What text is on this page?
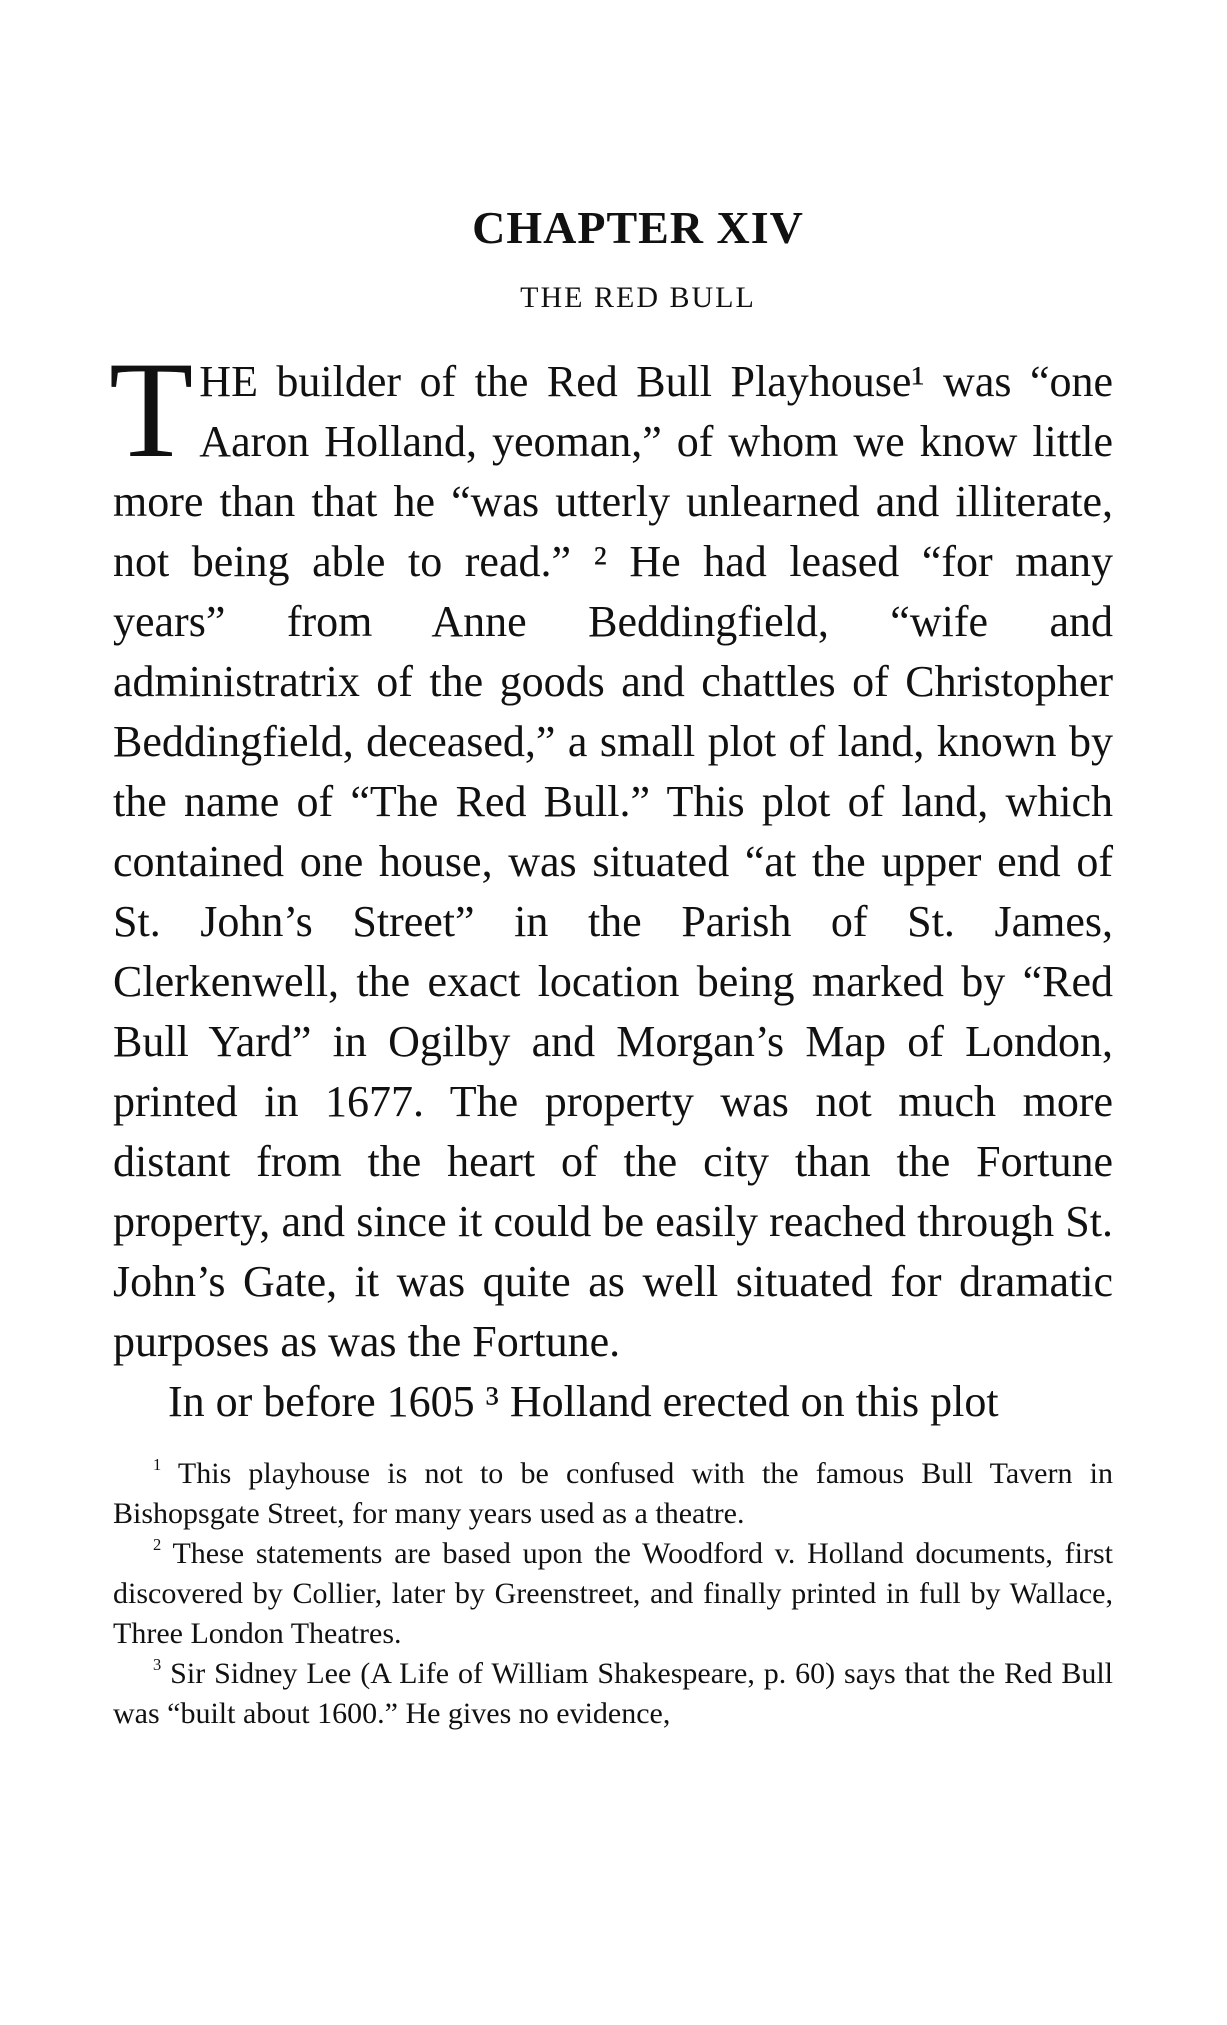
CHAPTER XIV
THE RED BULL

THE builder of the Red Bull Playhouse¹ was “one Aaron Holland, yeoman,” of whom we know little more than that he “was utterly unlearned and illiterate, not being able to read.” ² He had leased “for many years” from Anne Beddingfield, “wife and administratrix of the goods and chattles of Christopher Beddingfield, deceased,” a small plot of land, known by the name of “The Red Bull.” This plot of land, which contained one house, was situated “at the upper end of St. John’s Street” in the Parish of St. James, Clerkenwell, the exact location being marked by “Red Bull Yard” in Ogilby and Morgan’s Map of London, printed in 1677. The property was not much more distant from the heart of the city than the Fortune property, and since it could be easily reached through St. John’s Gate, it was quite as well situated for dramatic purposes as was the Fortune.

In or before 1605 ³ Holland erected on this plot

$^1$ This playhouse is not to be confused with the famous Bull Tavern in Bishopsgate Street, for many years used as a theatre.

$^2$ These statements are based upon the Woodford v. Holland documents, first discovered by Collier, later by Greenstreet, and finally printed in full by Wallace, Three London Theatres.

$^3$ Sir Sidney Lee (A Life of William Shakespeare, p. 60) says that the Red Bull was “built about 1600.” He gives no evidence,
